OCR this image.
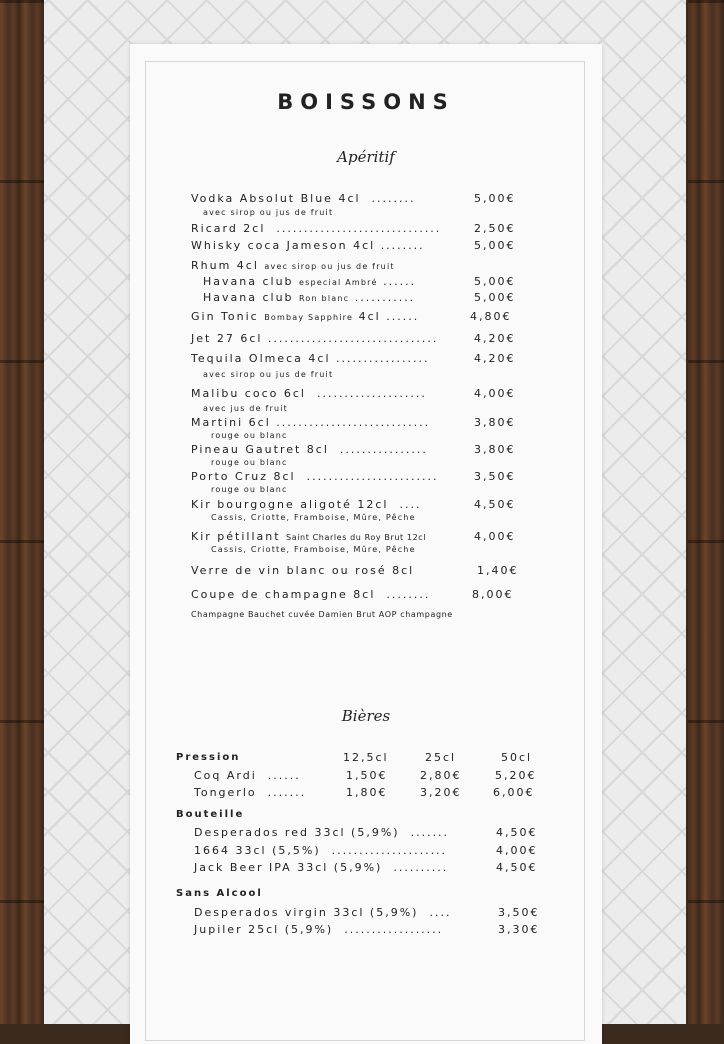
BOISSONS
Apéritif
Vodka Absolut Blue 4cl ........	5,00€
avec sirop ou jus de fruit
Ricard 2cl ..............................	2,50€
Whisky coca Jameson 4cl ........	5,00€
Rhum 4cl avec sirop ou jus de fruit
Havana club especial Ambré ......	5,00€
Havana club Ron blanc ...........	5,00€
Gin Tonic Bombay Sapphire 4cl ......	4,80€
Jet 27 6cl ...............................	4,20€
Tequila Olmeca 4cl .................	4,20€
avec sirop ou jus de fruit
Malibu coco 6cl ....................	4,00€
avec jus de fruit
Martini 6cl ............................	3,80€
rouge ou blanc
Pineau Gautret 8cl ................	3,80€
rouge ou blanc
Porto Cruz 8cl ........................	3,50€
rouge ou blanc
Kir bourgogne aligoté 12cl ....	4,50€
Cassis, Criotte, Framboise, Mûre, Pêche
Kir pétillant Saint Charles du Roy Brut 12cl	4,00€
Cassis, Criotte, Framboise, Mûre, Pêche
Verre de vin blanc ou rosé 8cl	1,40€
Coupe de champagne 8cl ........	8,00€
Champagne Bauchet cuvée Damien Brut AOP champagne
Bières
Pression	12,5cl	25cl	50cl
Coq Ardi ......	1,50€	2,80€	5,20€
Tongerlo .......	1,80€	3,20€	6,00€
Bouteille
Desperados red 33cl (5,9%) .......	4,50€
1664 33cl (5,5%) .....................	4,00€
Jack Beer IPA 33cl (5,9%) ..........	4,50€
Sans Alcool
Desperados virgin 33cl (5,9%) ....	3,50€
Jupiler 25cl (5,9%) ..................	3,30€
